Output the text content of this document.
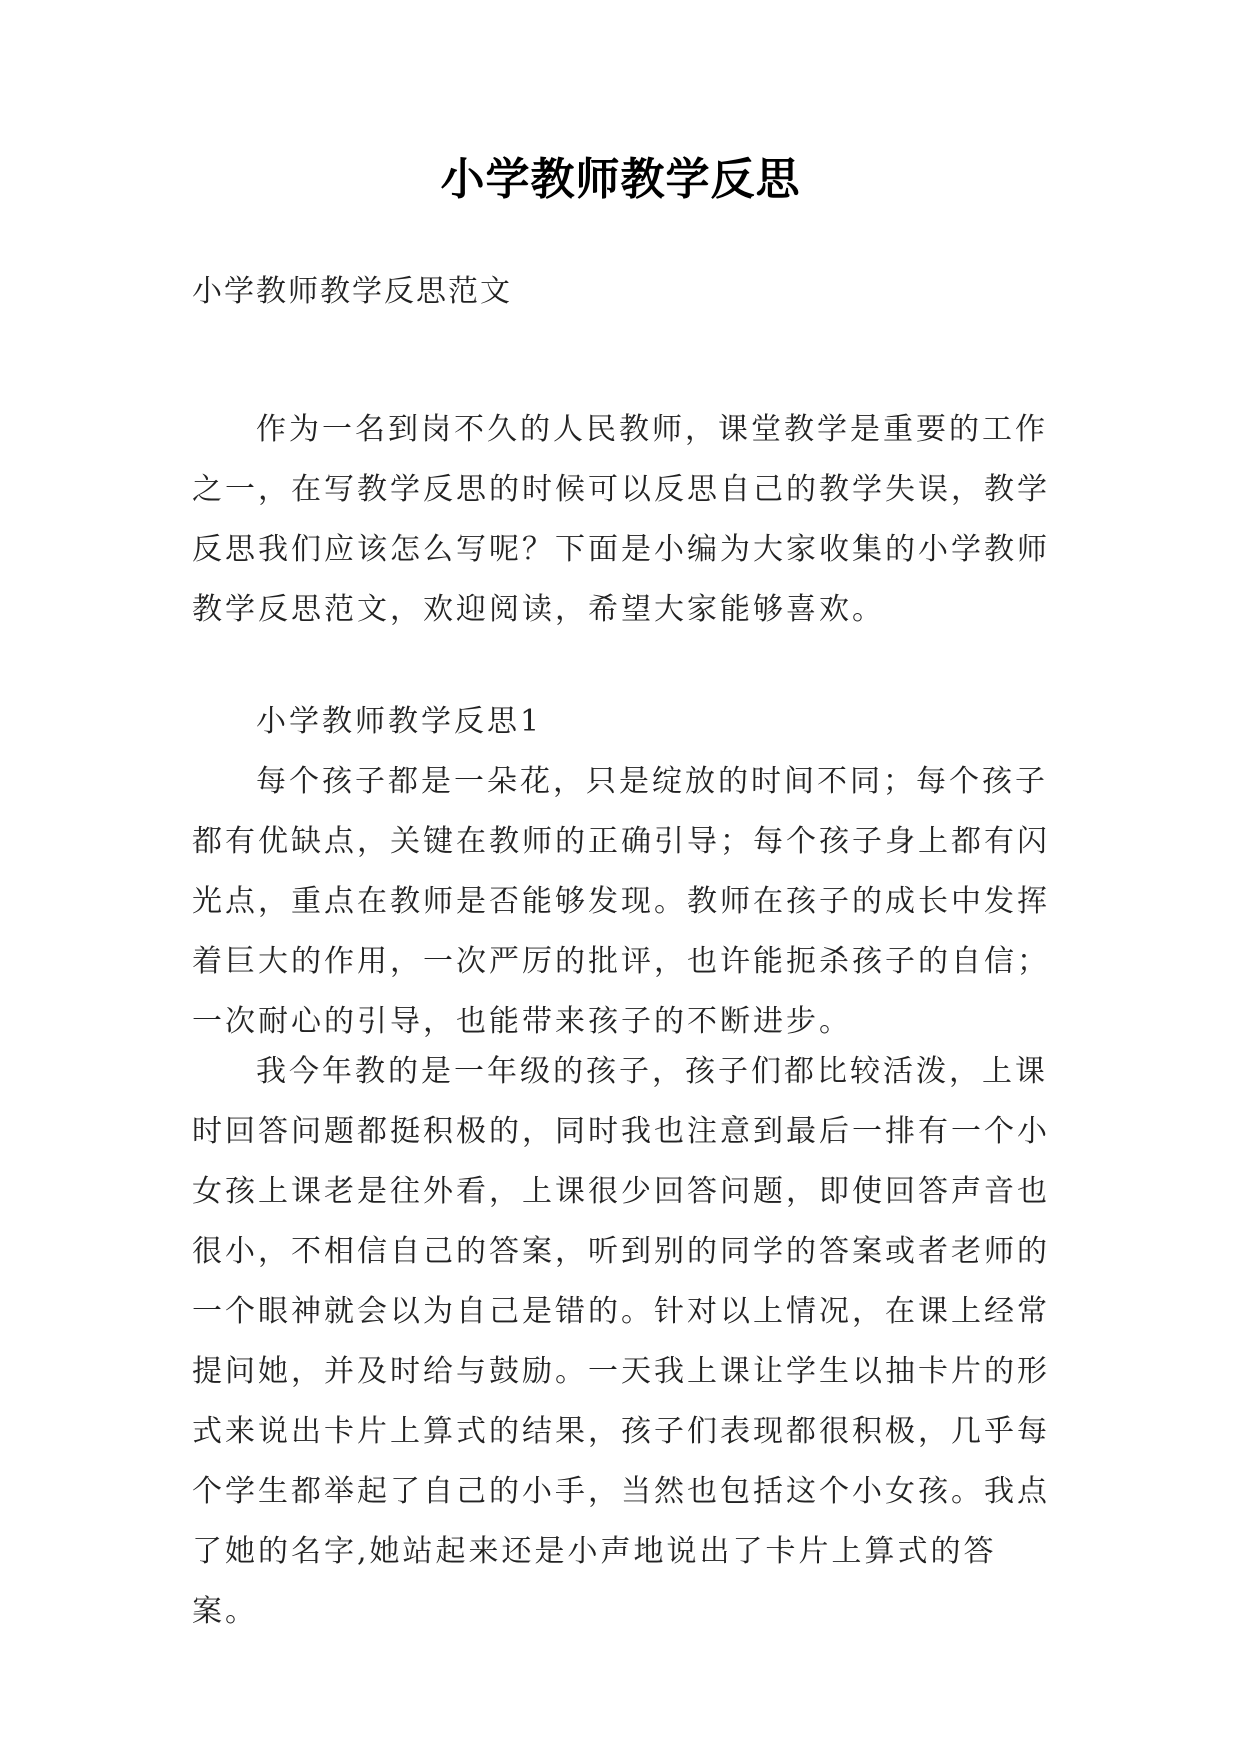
小学教师教学反思
小学教师教学反思范文

作为一名到岗不久的人民教师，课堂教学是重要的工作之一，在写教学反思的时候可以反思自己的教学失误，教学反思我们应该怎么写呢？下面是小编为大家收集的小学教师教学反思范文，欢迎阅读，希望大家能够喜欢。

小学教师教学反思1

每个孩子都是一朵花，只是绽放的时间不同；每个孩子都有优缺点，关键在教师的正确引导；每个孩子身上都有闪光点，重点在教师是否能够发现。教师在孩子的成长中发挥着巨大的作用，一次严厉的批评，也许能扼杀孩子的自信；一次耐心的引导，也能带来孩子的不断进步。

我今年教的是一年级的孩子，孩子们都比较活泼，上课时回答问题都挺积极的，同时我也注意到最后一排有一个小女孩上课老是往外看，上课很少回答问题，即使回答声音也很小，不相信自己的答案，听到别的同学的答案或者老师的一个眼神就会以为自己是错的。针对以上情况，在课上经常提问她，并及时给与鼓励。一天我上课让学生以抽卡片的形式来说出卡片上算式的结果，孩子们表现都很积极，几乎每个学生都举起了自己的小手，当然也包括这个小女孩。我点了她的名字,她站起来还是小声地说出了卡片上算式的答案。
